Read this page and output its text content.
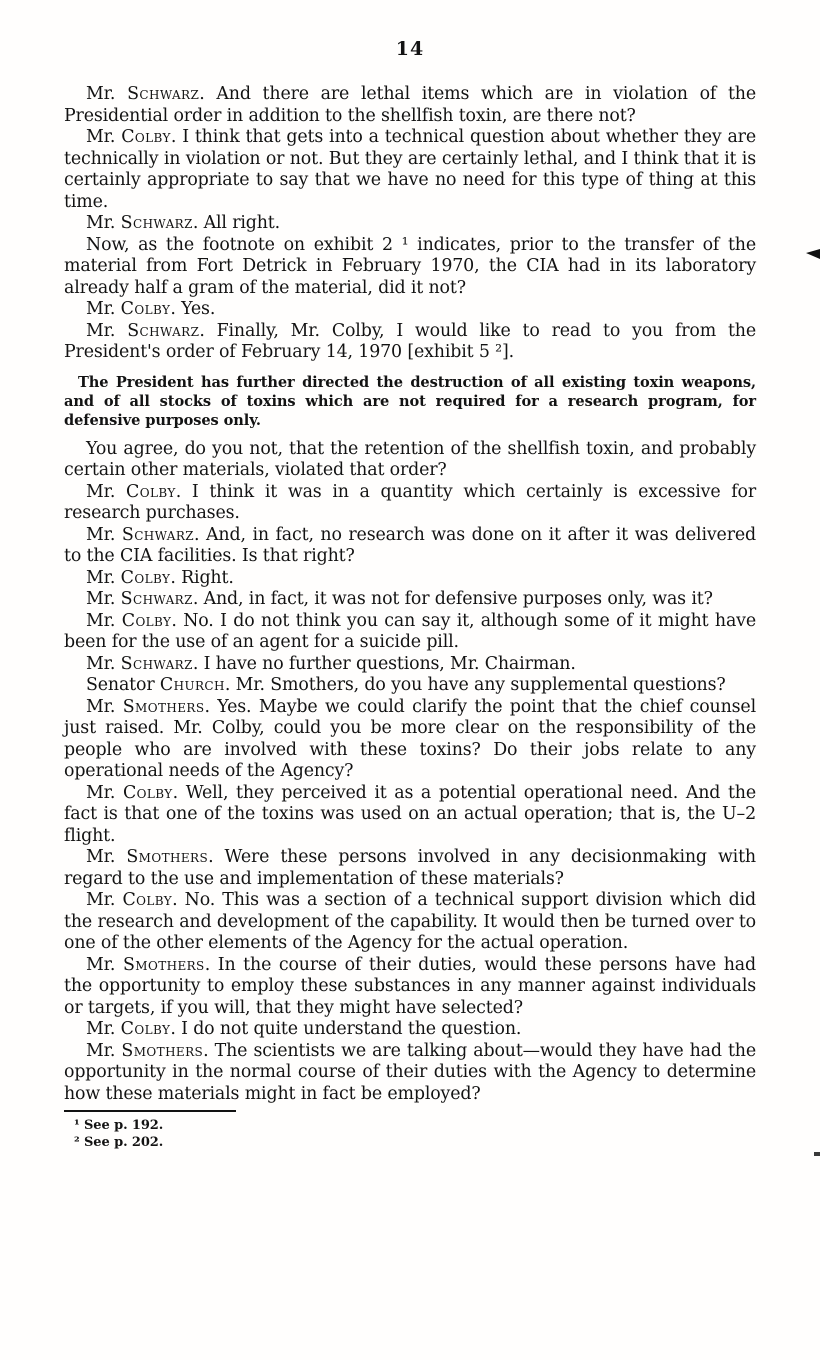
14

Mr. Schwarz. And there are lethal items which are in violation of the Presidential order in addition to the shellfish toxin, are there not?

Mr. Colby. I think that gets into a technical question about whether they are technically in violation or not. But they are certainly lethal, and I think that it is certainly appropriate to say that we have no need for this type of thing at this time.

Mr. Schwarz. All right.

Now, as the footnote on exhibit 2 ¹ indicates, prior to the transfer of the material from Fort Detrick in February 1970, the CIA had in its laboratory already half a gram of the material, did it not?

Mr. Colby. Yes.

Mr. Schwarz. Finally, Mr. Colby, I would like to read to you from the President's order of February 14, 1970 [exhibit 5 ²].

The President has further directed the destruction of all existing toxin weapons, and of all stocks of toxins which are not required for a research program, for defensive purposes only.

You agree, do you not, that the retention of the shellfish toxin, and probably certain other materials, violated that order?

Mr. Colby. I think it was in a quantity which certainly is excessive for research purchases.

Mr. Schwarz. And, in fact, no research was done on it after it was delivered to the CIA facilities. Is that right?

Mr. Colby. Right.

Mr. Schwarz. And, in fact, it was not for defensive purposes only, was it?

Mr. Colby. No. I do not think you can say it, although some of it might have been for the use of an agent for a suicide pill.

Mr. Schwarz. I have no further questions, Mr. Chairman.

Senator Church. Mr. Smothers, do you have any supplemental questions?

Mr. Smothers. Yes. Maybe we could clarify the point that the chief counsel just raised. Mr. Colby, could you be more clear on the responsibility of the people who are involved with these toxins? Do their jobs relate to any operational needs of the Agency?

Mr. Colby. Well, they perceived it as a potential operational need. And the fact is that one of the toxins was used on an actual operation; that is, the U–2 flight.

Mr. Smothers. Were these persons involved in any decisionmaking with regard to the use and implementation of these materials?

Mr. Colby. No. This was a section of a technical support division which did the research and development of the capability. It would then be turned over to one of the other elements of the Agency for the actual operation.

Mr. Smothers. In the course of their duties, would these persons have had the opportunity to employ these substances in any manner against individuals or targets, if you will, that they might have selected?

Mr. Colby. I do not quite understand the question.

Mr. Smothers. The scientists we are talking about—would they have had the opportunity in the normal course of their duties with the Agency to determine how these materials might in fact be employed?

¹ See p. 192.
² See p. 202.
